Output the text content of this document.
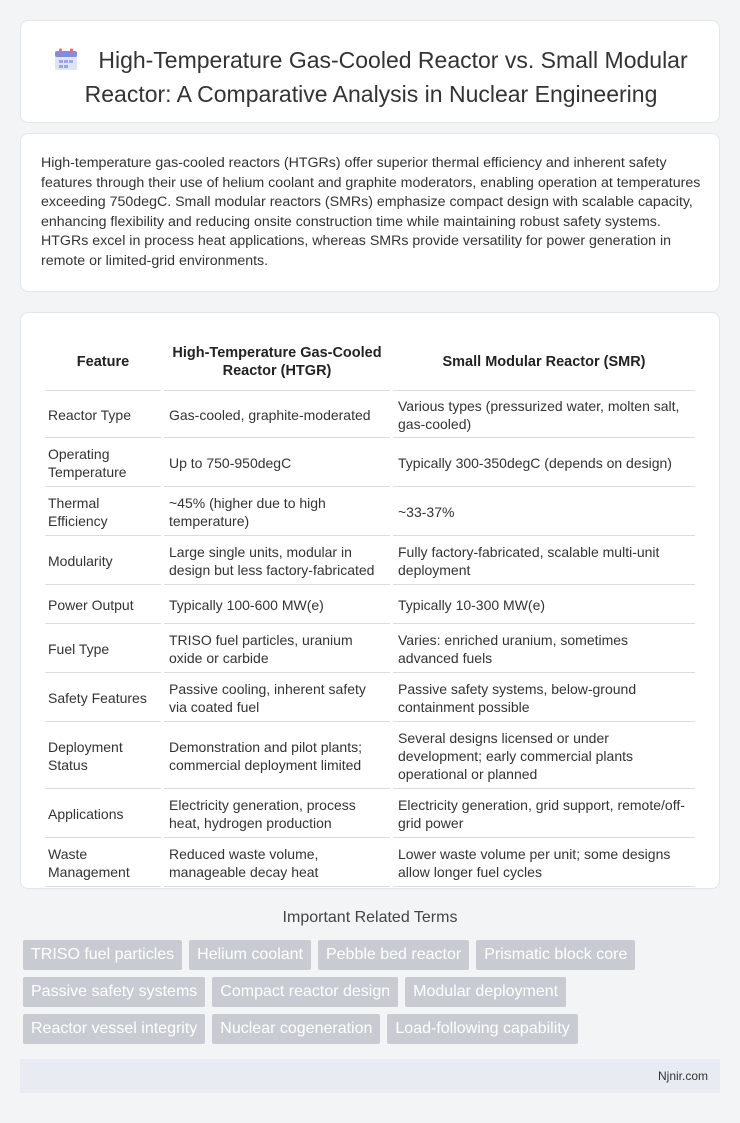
High-Temperature Gas-Cooled Reactor vs. Small Modular Reactor: A Comparative Analysis in Nuclear Engineering

High-temperature gas-cooled reactors (HTGRs) offer superior thermal efficiency and inherent safety features through their use of helium coolant and graphite moderators, enabling operation at temperatures exceeding 750degC. Small modular reactors (SMRs) emphasize compact design with scalable capacity, enhancing flexibility and reducing onsite construction time while maintaining robust safety systems. HTGRs excel in process heat applications, whereas SMRs provide versatility for power generation in remote or limited-grid environments.

Feature	High-Temperature Gas-Cooled Reactor (HTGR)	Small Modular Reactor (SMR)
Reactor Type	Gas-cooled, graphite-moderated	Various types (pressurized water, molten salt, gas-cooled)
Operating Temperature	Up to 750-950degC	Typically 300-350degC (depends on design)
Thermal Efficiency	~45% (higher due to high temperature)	~33-37%
Modularity	Large single units, modular in design but less factory-fabricated	Fully factory-fabricated, scalable multi-unit deployment
Power Output	Typically 100-600 MW(e)	Typically 10-300 MW(e)
Fuel Type	TRISO fuel particles, uranium oxide or carbide	Varies: enriched uranium, sometimes advanced fuels
Safety Features	Passive cooling, inherent safety via coated fuel	Passive safety systems, below-ground containment possible
Deployment Status	Demonstration and pilot plants; commercial deployment limited	Several designs licensed or under development; early commercial plants operational or planned
Applications	Electricity generation, process heat, hydrogen production	Electricity generation, grid support, remote/off-grid power
Waste Management	Reduced waste volume, manageable decay heat	Lower waste volume per unit; some designs allow longer fuel cycles
Important Related Terms
TRISO fuel particles	Helium coolant	Pebble bed reactor	Prismatic block core
Passive safety systems	Compact reactor design	Modular deployment
Reactor vessel integrity	Nuclear cogeneration	Load-following capability
Njnir.com
